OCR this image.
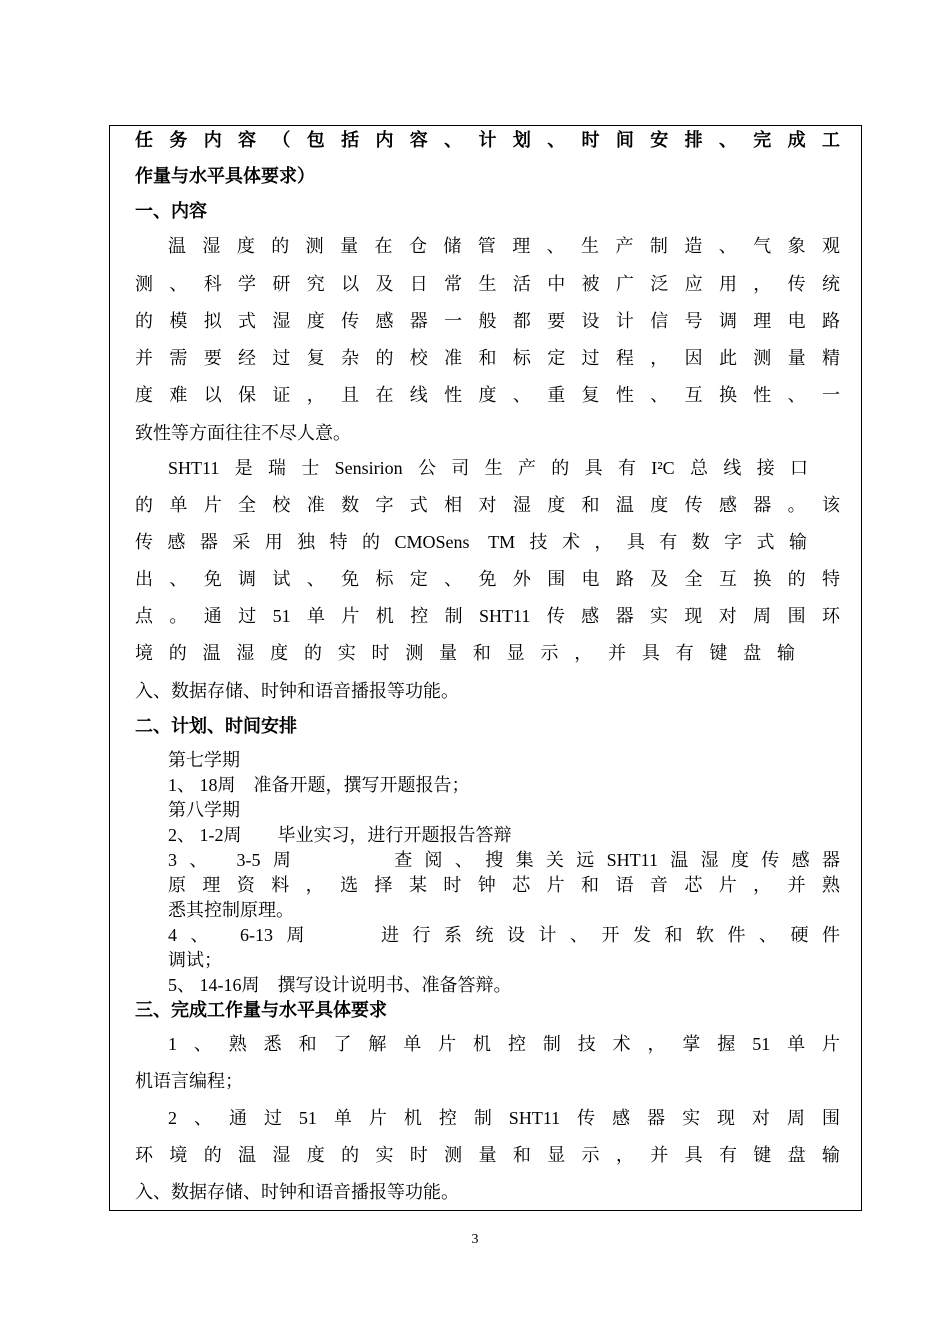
任务内容（包括内容、计划、时间安排、完成工

作量与水平具体要求）

一、内容

温湿度的测量在仓储管理、生产制造、气象观

测、科学研究以及日常生活中被广泛应用，传统

的模拟式湿度传感器一般都要设计信号调理电路

并需要经过复杂的校准和标定过程，因此测量精

度难以保证，且在线性度、重复性、互换性、一

致性等方面往往不尽人意。

SHT11是瑞士Sensirion公司生产的具有I²C总线接口

的单片全校准数字式相对湿度和温度传感器。该

传感器采用独特的CMOSens TM技术，具有数字式输

出、免调试、免标定、免外围电路及全互换的特

点。通过51单片机控制SHT11传感器实现对周围环

境的温湿度的实时测量和显示，并具有键盘输

入、数据存储、时钟和语音播报等功能。

二、计划、时间安排

第七学期

1、 18周　准备开题，撰写开题报告；

第八学期

2、 1-2周　　毕业实习，进行开题报告答辩

3、 3-5周　　　查阅、搜集关远SHT11温湿度传感器

原理资料，选择某时钟芯片和语音芯片，并熟

悉其控制原理。

4、 6-13周　　进行系统设计、开发和软件、硬件

调试；

5、 14-16周　撰写设计说明书、准备答辩。

三、完成工作量与水平具体要求

1、熟悉和了解单片机控制技术，掌握51单片

机语言编程；

2、通过51单片机控制SHT11传感器实现对周围

环境的温湿度的实时测量和显示，并具有键盘输

入、数据存储、时钟和语音播报等功能。

3
